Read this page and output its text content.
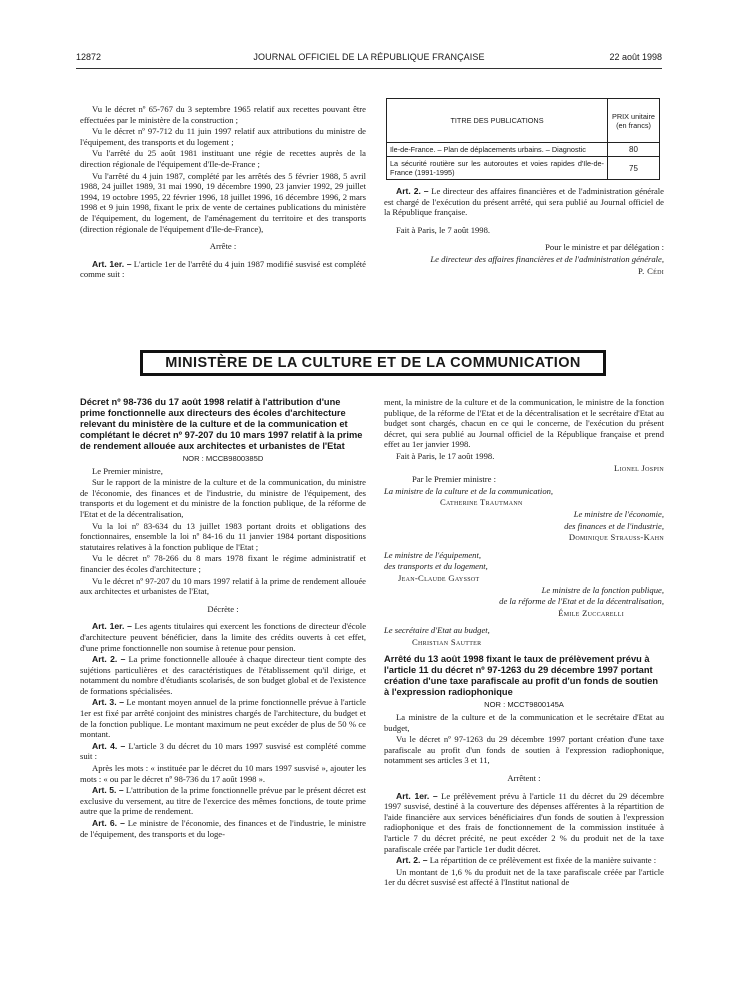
12872	JOURNAL OFFICIEL DE LA RÉPUBLIQUE FRANÇAISE	22 août 1998

Vu le décret nº 65-767 du 3 septembre 1965 relatif aux recettes pouvant être effectuées par le ministère de la construction ;

Vu le décret nº 97-712 du 11 juin 1997 relatif aux attributions du ministre de l'équipement, des transports et du logement ;

Vu l'arrêté du 25 août 1981 instituant une régie de recettes auprès de la direction régionale de l'équipement d'Ile-de-France ;

Vu l'arrêté du 4 juin 1987, complété par les arrêtés des 5 février 1988, 5 avril 1988, 24 juillet 1989, 31 mai 1990, 19 décembre 1990, 23 janvier 1992, 29 juillet 1994, 19 octobre 1995, 22 février 1996, 18 juillet 1996, 16 décembre 1996, 2 mars 1998 et 9 juin 1998, fixant le prix de vente de certaines publications du ministère de l'équipement, du logement, de l'aménagement du territoire et des transports (direction régionale de l'équipement d'Ile-de-France),

Arrête :

Art. 1er. – L'article 1er de l'arrêté du 4 juin 1987 modifié susvisé est complété comme suit :

TITRE DES PUBLICATIONS	PRIX unitaire (en francs)
Ile-de-France. – Plan de déplacements urbains. – Diagnostic	80
La sécurité routière sur les autoroutes et voies rapides d'Ile-de-France (1991-1995)	75

Art. 2. – Le directeur des affaires financières et de l'administration générale est chargé de l'exécution du présent arrêté, qui sera publié au Journal officiel de la République française.

Fait à Paris, le 7 août 1998.

Pour le ministre et par délégation :

Le directeur des affaires financières et de l'administration générale,

P. Cédi

MINISTÈRE DE LA CULTURE ET DE LA COMMUNICATION

Décret nº 98-736 du 17 août 1998 relatif à l'attribution d'une prime fonctionnelle aux directeurs des écoles d'architecture relevant du ministère de la culture et de la communication et complétant le décret nº 97-207 du 10 mars 1997 relatif à la prime de rendement allouée aux architectes et urbanistes de l'Etat

NOR : MCCB9800385D

Le Premier ministre,

Sur le rapport de la ministre de la culture et de la communication, du ministre de l'économie, des finances et de l'industrie, du ministre de l'équipement, des transports et du logement et du ministre de la fonction publique, de la réforme de l'Etat et de la décentralisation,

Vu la loi nº 83-634 du 13 juillet 1983 portant droits et obligations des fonctionnaires, ensemble la loi nº 84-16 du 11 janvier 1984 portant dispositions statutaires relatives à la fonction publique de l'Etat ;

Vu le décret nº 78-266 du 8 mars 1978 fixant le régime administratif et financier des écoles d'architecture ;

Vu le décret nº 97-207 du 10 mars 1997 relatif à la prime de rendement allouée aux architectes et urbanistes de l'Etat,

Décrète :

Art. 1er. – Les agents titulaires qui exercent les fonctions de directeur d'école d'architecture peuvent bénéficier, dans la limite des crédits ouverts à cet effet, d'une prime fonctionnelle non soumise à retenue pour pension.

Art. 2. – La prime fonctionnelle allouée à chaque directeur tient compte des sujétions particulières et des caractéristiques de l'établissement qu'il dirige, et notamment du nombre d'étudiants scolarisés, de son budget global et de l'existence de formations spécialisées.

Art. 3. – Le montant moyen annuel de la prime fonctionnelle prévue à l'article 1er est fixé par arrêté conjoint des ministres chargés de l'architecture, du budget et de la fonction publique. Le montant maximum ne peut excéder de plus de 50 % ce montant.

Art. 4. – L'article 3 du décret du 10 mars 1997 susvisé est complété comme suit :

Après les mots : « instituée par le décret du 10 mars 1997 susvisé », ajouter les mots : « ou par le décret nº 98-736 du 17 août 1998 ».

Art. 5. – L'attribution de la prime fonctionnelle prévue par le présent décret est exclusive du versement, au titre de l'exercice des mêmes fonctions, de toute prime autre que la prime de rendement.

Art. 6. – Le ministre de l'économie, des finances et de l'industrie, le ministre de l'équipement, des transports et du loge-

ment, la ministre de la culture et de la communication, le ministre de la fonction publique, de la réforme de l'Etat et de la décentralisation et le secrétaire d'Etat au budget sont chargés, chacun en ce qui le concerne, de l'exécution du présent décret, qui sera publié au Journal officiel de la République française et prend effet au 1er janvier 1998.

Fait à Paris, le 17 août 1998.

Lionel Jospin

Par le Premier ministre :

La ministre de la culture et de la communication,

Catherine Trautmann

Le ministre de l'économie,

des finances et de l'industrie,

Dominique Strauss-Kahn

Le ministre de l'équipement,

des transports et du logement,

Jean-Claude Gayssot

Le ministre de la fonction publique,

de la réforme de l'Etat et de la décentralisation,

Émile Zuccarelli

Le secrétaire d'Etat au budget,

Christian Sautter

Arrêté du 13 août 1998 fixant le taux de prélèvement prévu à l'article 11 du décret nº 97-1263 du 29 décembre 1997 portant création d'une taxe parafiscale au profit d'un fonds de soutien à l'expression radiophonique

NOR : MCCT9800145A

La ministre de la culture et de la communication et le secrétaire d'Etat au budget,

Vu le décret nº 97-1263 du 29 décembre 1997 portant création d'une taxe parafiscale au profit d'un fonds de soutien à l'expression radiophonique, notamment ses articles 3 et 11,

Arrêtent :

Art. 1er. – Le prélèvement prévu à l'article 11 du décret du 29 décembre 1997 susvisé, destiné à la couverture des dépenses afférentes à la répartition de l'aide financière aux services bénéficiaires d'un fonds de soutien à l'expression radiophonique et des frais de fonctionnement de la commission instituée à l'article 7 du décret précité, ne peut excéder 2 % du produit net de la taxe parafiscale créée par l'article 1er dudit décret.

Art. 2. – La répartition de ce prélèvement est fixée de la manière suivante :

Un montant de 1,6 % du produit net de la taxe parafiscale créée par l'article 1er du décret susvisé est affecté à l'Institut national de
